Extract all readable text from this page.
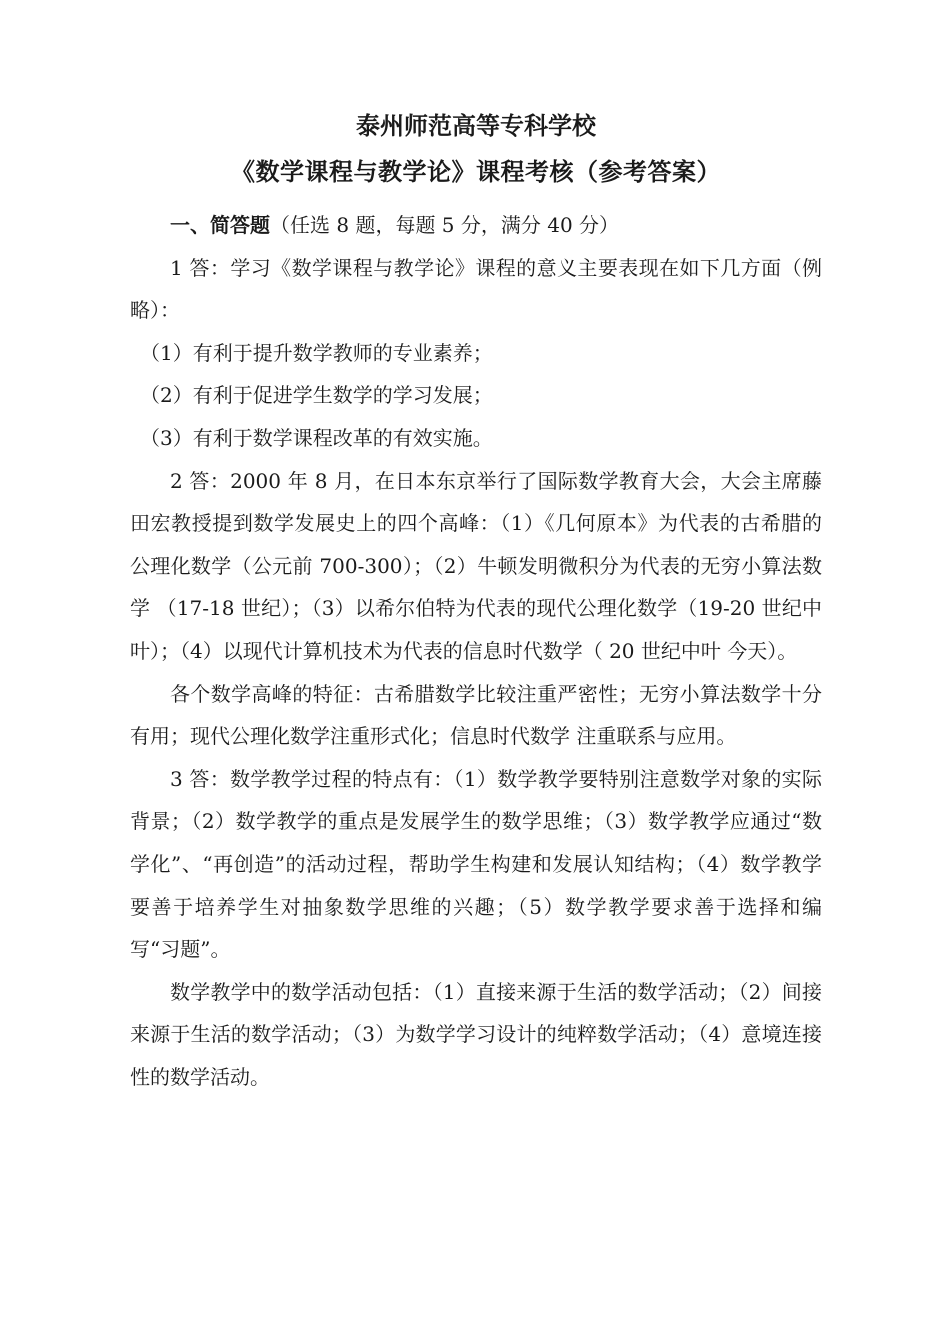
泰州师范高等专科学校
《数学课程与教学论》课程考核（参考答案）

一、简答题（任选 8 题，每题 5 分，满分 40 分）

1 答：学习《数学课程与教学论》课程的意义主要表现在如下几方面（例略）：

（1）有利于提升数学教师的专业素养；

（2）有利于促进学生数学的学习发展；

（3）有利于数学课程改革的有效实施。

2 答：2000 年 8 月，在日本东京举行了国际数学教育大会，大会主席藤田宏教授提到数学发展史上的四个高峰：（1）《几何原本》为代表的古希腊的公理化数学（公元前 700-300）；（2）牛顿发明微积分为代表的无穷小算法数学 （17-18 世纪）；（3）以希尔伯特为代表的现代公理化数学（19-20 世纪中叶）；（4）以现代计算机技术为代表的信息时代数学（ 20 世纪中叶 今天）。

各个数学高峰的特征：古希腊数学比较注重严密性；无穷小算法数学十分有用；现代公理化数学注重形式化；信息时代数学 注重联系与应用。

3 答：数学教学过程的特点有：（1）数学教学要特别注意数学对象的实际背景；（2）数学教学的重点是发展学生的数学思维；（3）数学教学应通过“数学化”、“再创造”的活动过程，帮助学生构建和发展认知结构；（4）数学教学要善于培养学生对抽象数学思维的兴趣；（5）数学教学要求善于选择和编写“习题”。

数学教学中的数学活动包括：（1）直接来源于生活的数学活动；（2）间接来源于生活的数学活动；（3）为数学学习设计的纯粹数学活动；（4）意境连接性的数学活动。
